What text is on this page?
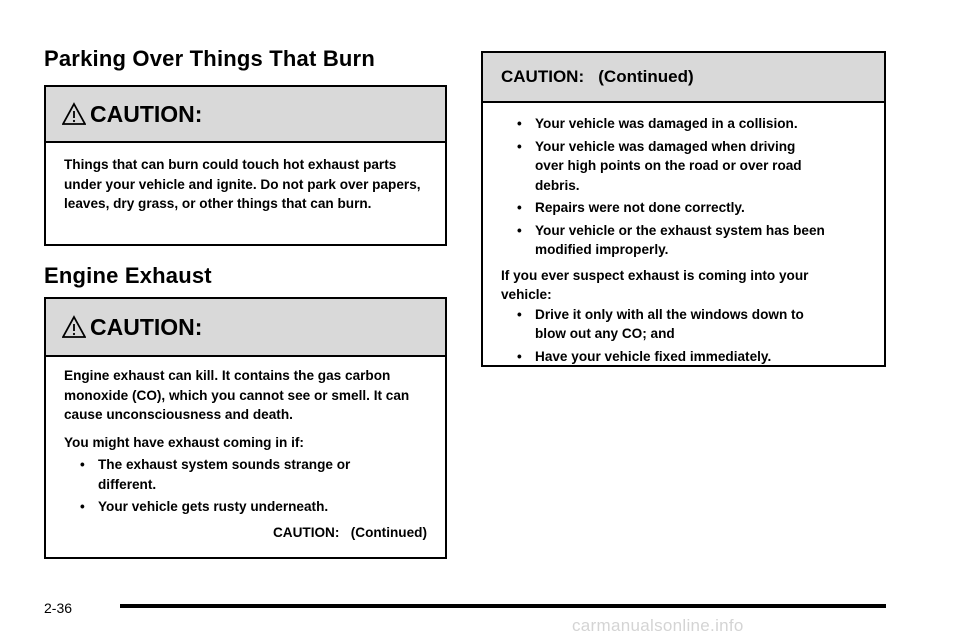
Parking Over Things That Burn
CAUTION:

Things that can burn could touch hot exhaust parts under your vehicle and ignite. Do not park over papers, leaves, dry grass, or other things that can burn.

Engine Exhaust
CAUTION:

Engine exhaust can kill. It contains the gas carbon monoxide (CO), which you cannot see or smell. It can cause unconsciousness and death.

You might have exhaust coming in if:

• The exhaust system sounds strange or different.
• Your vehicle gets rusty underneath.
CAUTION:   (Continued)
CAUTION:   (Continued)
• Your vehicle was damaged in a collision.
• Your vehicle was damaged when driving over high points on the road or over road debris.
• Repairs were not done correctly.
• Your vehicle or the exhaust system has been modified improperly.

If you ever suspect exhaust is coming into your vehicle:

• Drive it only with all the windows down to blow out any CO; and
• Have your vehicle fixed immediately.
2-36
carmanualsonline.info
